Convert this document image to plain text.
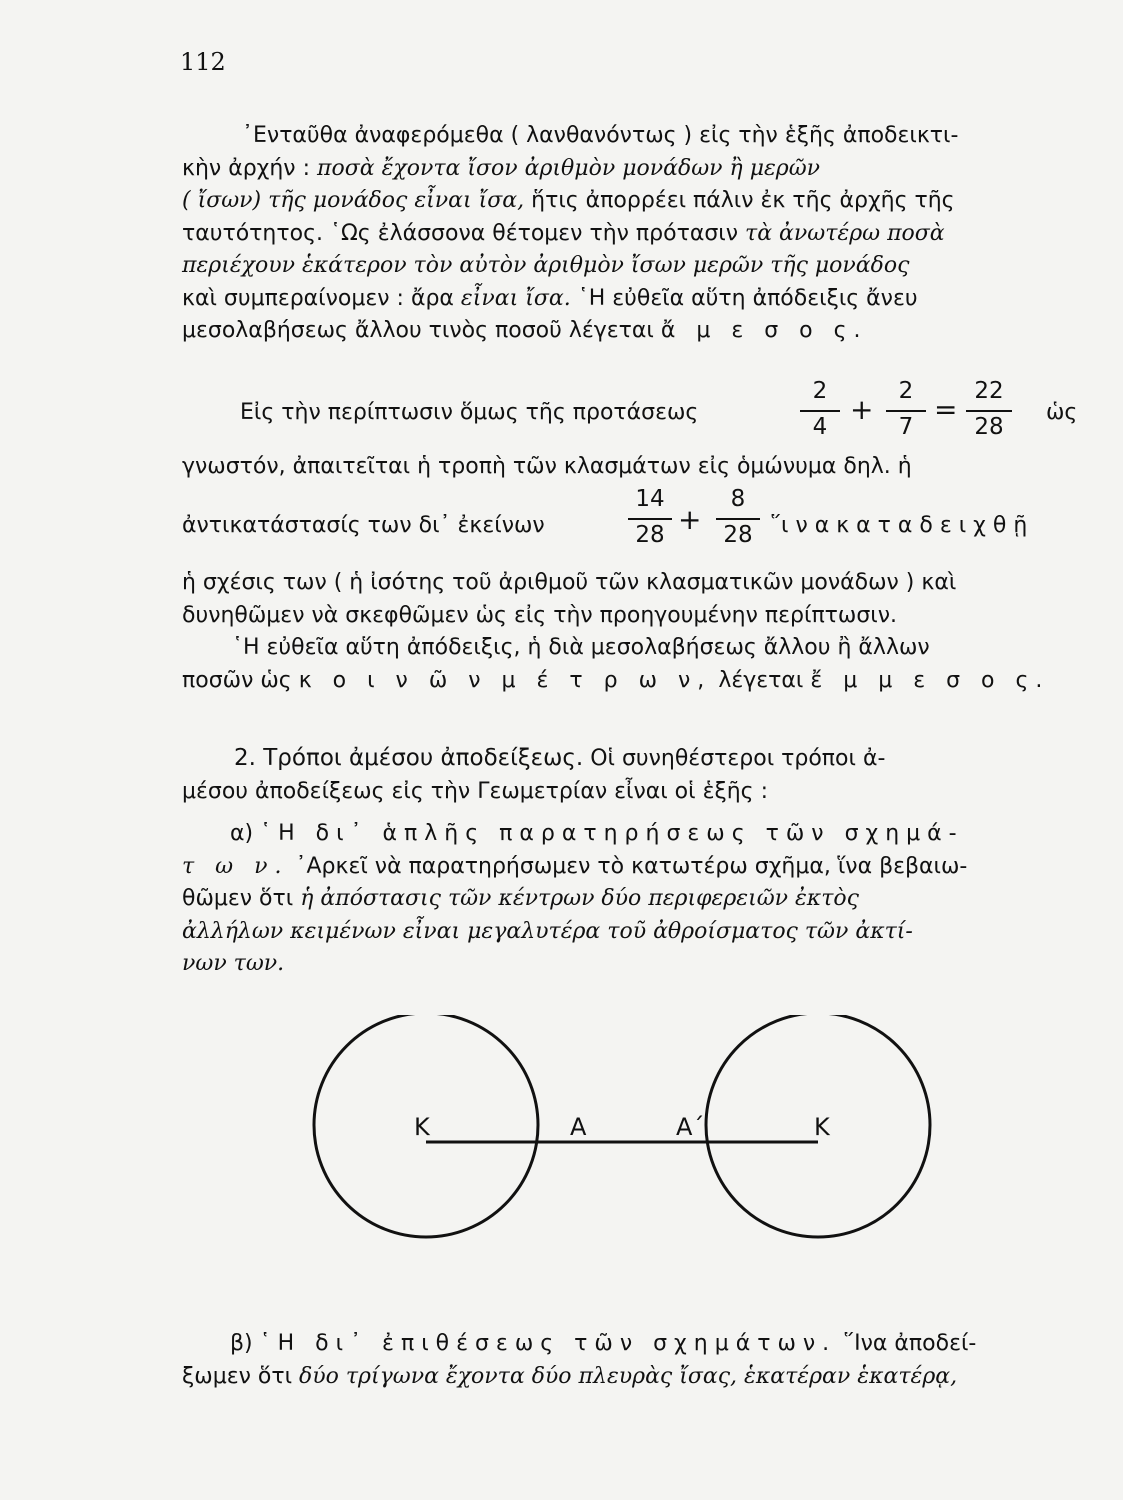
112
᾿Ενταῦθα ἀναφερόμεθα ( λανθανόντως ) εἰς τὴν ἑξῆς ἀποδεικτι-
κὴν ἀρχήν : ποσὰ ἔχοντα ἴσον ἀριθμὸν μονάδων ἢ μερῶν
( ἴσων) τῆς μονάδος εἶναι ἴσα, ἥτις ἀπορρέει πάλιν ἐκ τῆς ἀρχῆς τῆς
ταυτότητος. ῾Ως ἐλάσσονα θέτομεν τὴν πρότασιν τὰ ἀνωτέρω ποσὰ
περιέχουν ἑκάτερον τὸν αὐτὸν ἀριθμὸν ἴσων μερῶν τῆς μονάδος
καὶ συμπεραίνομεν : ἄρα εἶναι ἴσα. ῾Η εὐθεῖα αὕτη ἀπόδειξις ἄνευ
μεσολαβήσεως ἄλλου τινὸς ποσοῦ λέγεται ἄ μ ε σ ο ς.
Εἰς τὴν περίπτωσιν ὅμως τῆς προτάσεως
2
4
+
2
7
=
22
28
ὡς
γνωστόν, ἀπαιτεῖται ἡ τροπὴ τῶν κλασμάτων εἰς ὁμώνυμα δηλ. ἡ
ἀντικατάστασίς των δι᾿ ἐκείνων
14
28 +
8
28 ῞ι ν α κ α τ α δ ε ι χ θ ῇ
ἡ σχέσις των ( ἡ ἰσότης τοῦ ἀριθμοῦ τῶν κλασματικῶν μονάδων ) καὶ
δυνηθῶμεν νὰ σκεφθῶμεν ὡς εἰς τὴν προηγουμένην περίπτωσιν.
῾Η εὐθεῖα αὕτη ἀπόδειξις, ἡ διὰ μεσολαβήσεως ἄλλου ἢ ἄλλων
ποσῶν ὡς κ ο ι ν ῶ ν μ έ τ ρ ω ν, λέγεται ἔ μ μ ε σ ο ς.
2. Τρόποι ἀμέσου ἀποδείξεως. Οἱ συνηθέστεροι τρόποι ἀ-
μέσου ἀποδείξεως εἰς τὴν Γεωμετρίαν εἶναι οἱ ἑξῆς :
α) ῾Η δι᾿ ἁπλῆς παρατηρήσεως τῶν σχημά-
τ ω ν. ᾿Αρκεῖ νὰ παρατηρήσωμεν τὸ κατωτέρω σχῆμα, ἵνα βεβαιω-
θῶμεν ὅτι ἡ ἀπόστασις τῶν κέντρων δύο περιφερειῶν ἐκτὸς
ἀλλήλων κειμένων εἶναι μεγαλυτέρα τοῦ ἀθροίσματος τῶν ἀκτί-
νων των.
Κ	Α	Α΄	Κ
β) ῾Η δι᾿ ἐπιθέσεως τῶν σχημάτων. ῞Ινα ἀποδεί-
ξωμεν ὅτι δύο τρίγωνα ἔχοντα δύο πλευρὰς ἴσας, ἑκατέραν ἑκατέρᾳ,
